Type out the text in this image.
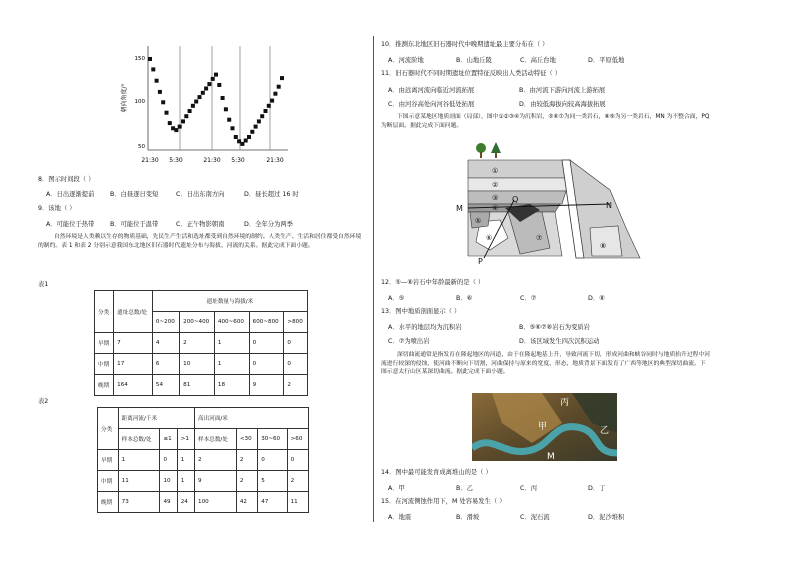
朝向角度/°
150
100
50
21:30 5:30	21:30 5:30	21:30
8．图示时间段（ ）
A．日出逐渐提前 B．白昼逐日变短	C．日出东南方向	D．昼长超过 16 时
9．该地（ ）
A．可能位于热带 B．可能位于温带	C．正午物影朝南	D．全年分为两季
自然环境是人类赖以生存的物质基础，先民生产生活和选址都受到自然环境的制约。人类生产、生活和居住都受自然环境的制约。表 1 和表 2 分别示意我国东北地区旧石器时代遗址分布与海拔、河流的关系。据此完成下面小题。
表1
分类	遗址总数/处	遗址数量与海拔/米				
		0~200	200~400	400~600	600~800	>800
早期	7	4	2	1	0	0
中期	17	6	10	1	0	0
晚期	164	54	81	18	9	2
表2
分类	距离河流/千米			高出河面/米			
	样本总数/处	≤1	>1	样本总数/处	<30	30~60	>60
早期	1	0	1	2	2	0	0
中期	11	10	1	9	2	5	2
晚期	73	49	24	100	42	47	11
10．推测东北地区旧石器时代中晚期遗址最主要分布在（ ）
A．河流阶地	B．山地丘陵	C．高丘台地	D．平原低地
11．旧石器时代不同时期遗址位置特征反映出人类活动特征（ ）
A．由远离河流向临近河流拓展	B．由河流下游向河流上游拓展
C．由河谷高处向河谷低处拓展	D．由较低海拔向较高海拔拓展
下图示意某地区地质剖面（局部），图中①②③④为沉积岩，⑤⑥⑦为同一类岩石，⑧⑨为另一类岩石，MN 为不整合面，PQ 为断层面。据此完成下面问题。
①
②
③
④
⑤
⑥	⑦
⑧
M	N
Q
P
12．⑤—⑧岩石中年龄最新的是（ ）
A．⑤	B．⑥	C．⑦	D．⑧
13．图中地质剖面显示（ ）
A．水平的地层均为沉积岩	B．⑤⑥⑦⑧岩石为变质岩
C．⑦为喷出岩	D．该区域发生四次沉积运动
深切曲流通常是指发育在隆起地区的河道，由于在隆起地基上升，导致河流下切，形成河曲和峡谷同时与地质抬升过程中河流进行较深的侵蚀，使河曲不断向下切割，河曲保持与原来的宽度、形态，地质背景下面发育了广西等地区的典型深切曲流。下图示意太行山区某深切曲流。据此完成下面小题。
丙
甲	乙
M
14．图中最可能发育成离堆山的是（ ）
A．甲	B．乙	C．丙	D．丁
15．在河流侧蚀作用下，M 处容易发生（ ）
A．地震	B．滑坡	C．泥石流	D．泥沙堆积
